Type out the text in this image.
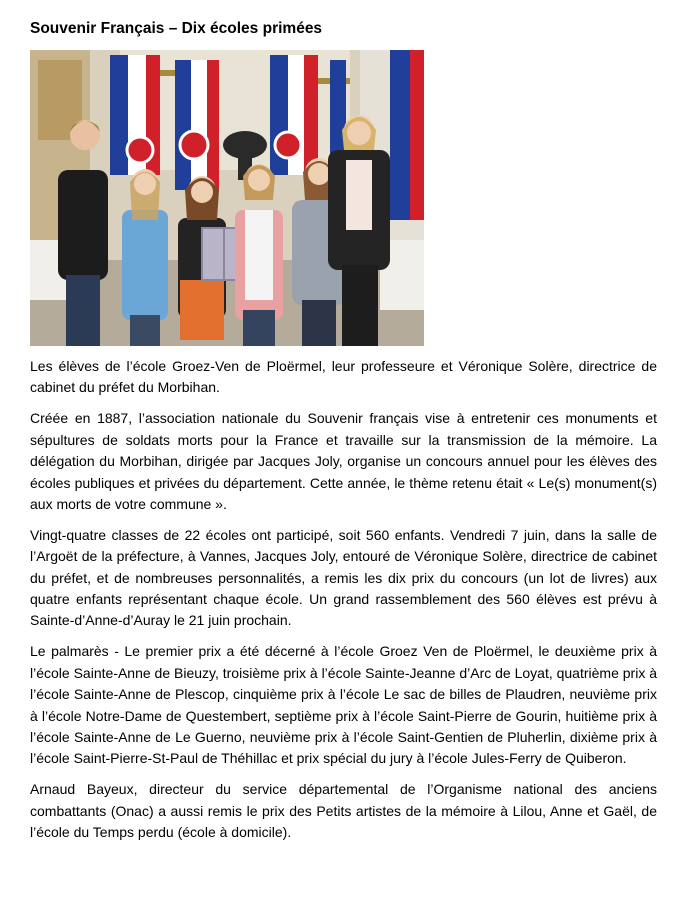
Souvenir Français – Dix écoles primées

Les élèves de l’école Groez-Ven de Ploërmel, leur professeure et Véronique Solère, directrice de cabinet du préfet du Morbihan.

Créée en 1887, l’association nationale du Souvenir français vise à entretenir ces monuments et sépultures de soldats morts pour la France et travaille sur la transmission de la mémoire. La délégation du Morbihan, dirigée par Jacques Joly, organise un concours annuel pour les élèves des écoles publiques et privées du département. Cette année, le thème retenu était « Le(s) monument(s) aux morts de votre commune ».

Vingt-quatre classes de 22 écoles ont participé, soit 560 enfants. Vendredi 7 juin, dans la salle de l’Argoët de la préfecture, à Vannes, Jacques Joly, entouré de Véronique Solère, directrice de cabinet du préfet, et de nombreuses personnalités, a remis les dix prix du concours (un lot de livres) aux quatre enfants représentant chaque école. Un grand rassemblement des 560 élèves est prévu à Sainte-d’Anne-d’Auray le 21 juin prochain.

Le palmarès - Le premier prix a été décerné à l’école Groez Ven de Ploërmel, le deuxième prix à l’école Sainte-Anne de Bieuzy, troisième prix à l’école Sainte-Jeanne d’Arc de Loyat, quatrième prix à l’école Sainte-Anne de Plescop, cinquième prix à l’école Le sac de billes de Plaudren, neuvième prix à l’école Notre-Dame de Questembert, septième prix à l’école Saint-Pierre de Gourin, huitième prix à l’école Sainte-Anne de Le Guerno, neuvième prix à l’école Saint-Gentien de Pluherlin, dixième prix à l’école Saint-Pierre-St-Paul de Théhillac et prix spécial du jury à l’école Jules-Ferry de Quiberon.

Arnaud Bayeux, directeur du service départemental de l’Organisme national des anciens combattants (Onac) a aussi remis le prix des Petits artistes de la mémoire à Lilou, Anne et Gaël, de l’école du Temps perdu (école à domicile).
